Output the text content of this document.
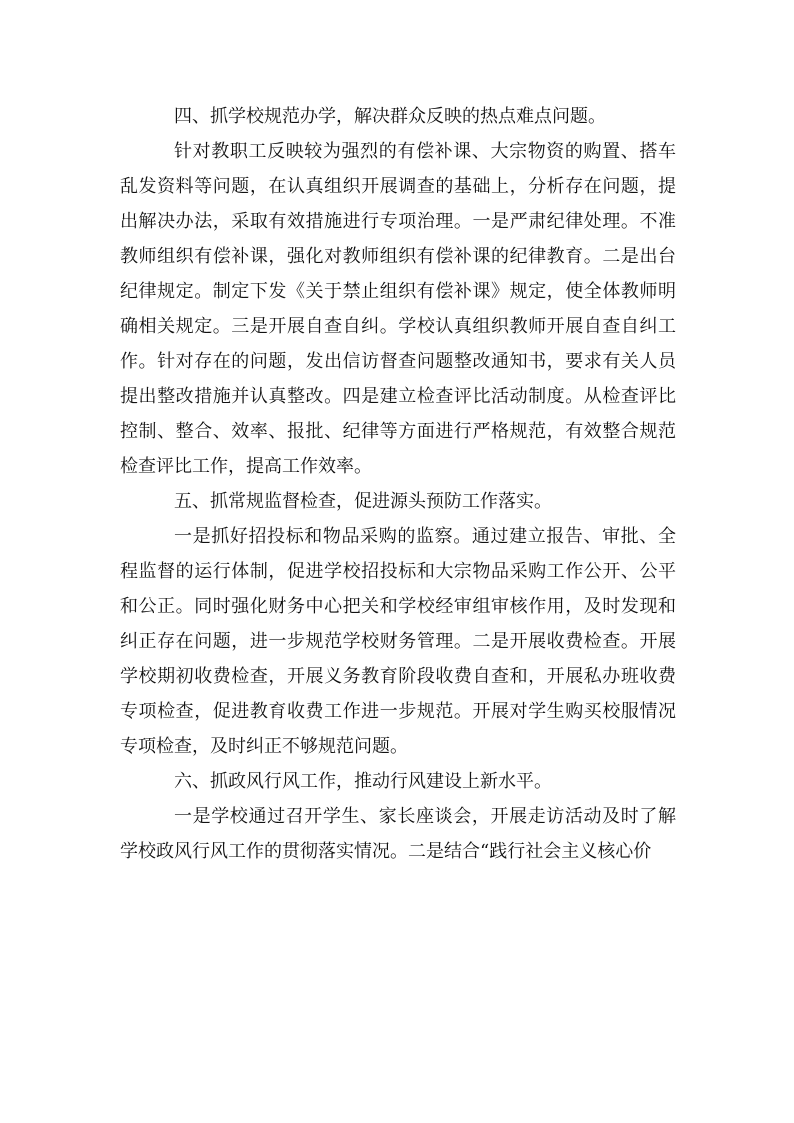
四、抓学校规范办学，解决群众反映的热点难点问题。

针对教职工反映较为强烈的有偿补课、大宗物资的购置、搭车乱发资料等问题，在认真组织开展调查的基础上，分析存在问题，提出解决办法，采取有效措施进行专项治理。一是严肃纪律处理。不准教师组织有偿补课，强化对教师组织有偿补课的纪律教育。二是出台纪律规定。制定下发《关于禁止组织有偿补课》规定，使全体教师明确相关规定。三是开展自查自纠。学校认真组织教师开展自查自纠工作。针对存在的问题，发出信访督查问题整改通知书，要求有关人员提出整改措施并认真整改。四是建立检查评比活动制度。从检查评比控制、整合、效率、报批、纪律等方面进行严格规范，有效整合规范检查评比工作，提高工作效率。

五、抓常规监督检查，促进源头预防工作落实。

一是抓好招投标和物品采购的监察。通过建立报告、审批、全程监督的运行体制，促进学校招投标和大宗物品采购工作公开、公平和公正。同时强化财务中心把关和学校经审组审核作用，及时发现和纠正存在问题，进一步规范学校财务管理。二是开展收费检查。开展学校期初收费检查，开展义务教育阶段收费自查和，开展私办班收费专项检查，促进教育收费工作进一步规范。开展对学生购买校服情况专项检查，及时纠正不够规范问题。

六、抓政风行风工作，推动行风建设上新水平。

一是学校通过召开学生、家长座谈会，开展走访活动及时了解学校政风行风工作的贯彻落实情况。二是结合“践行社会主义核心价
